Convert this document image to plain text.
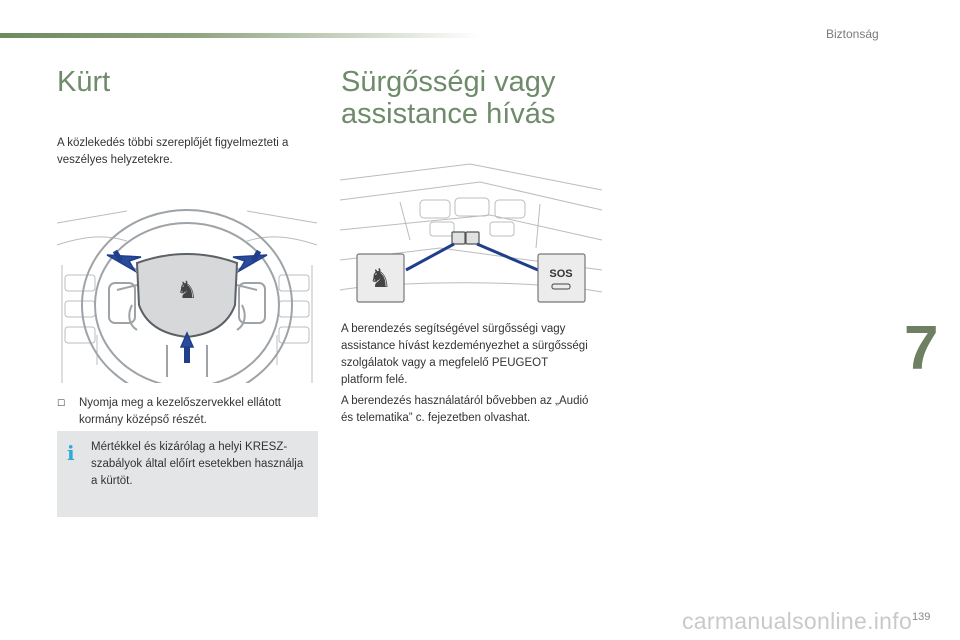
Biztonság
7
Kürt

A közlekedés többi szereplőjét figyelmezteti a veszélyes helyzetekre.

♞
☐	Nyomja meg a kezelőszervekkel ellátott kormány középső részét.
i Mértékkel és kizárólag a helyi KRESZ-szabályok által előírt esetekben használja a kürtöt.

Sürgősségi vagy assistance hívás
♞	SOS

A berendezés segítségével sürgősségi vagy assistance hívást kezdeményezhet a sürgősségi szolgálatok vagy a megfelelő PEUGEOT platform felé.

A berendezés használatáról bővebben az „Audió és telematika” c. fejezetben olvashat.

139
carmanualsonline.info
